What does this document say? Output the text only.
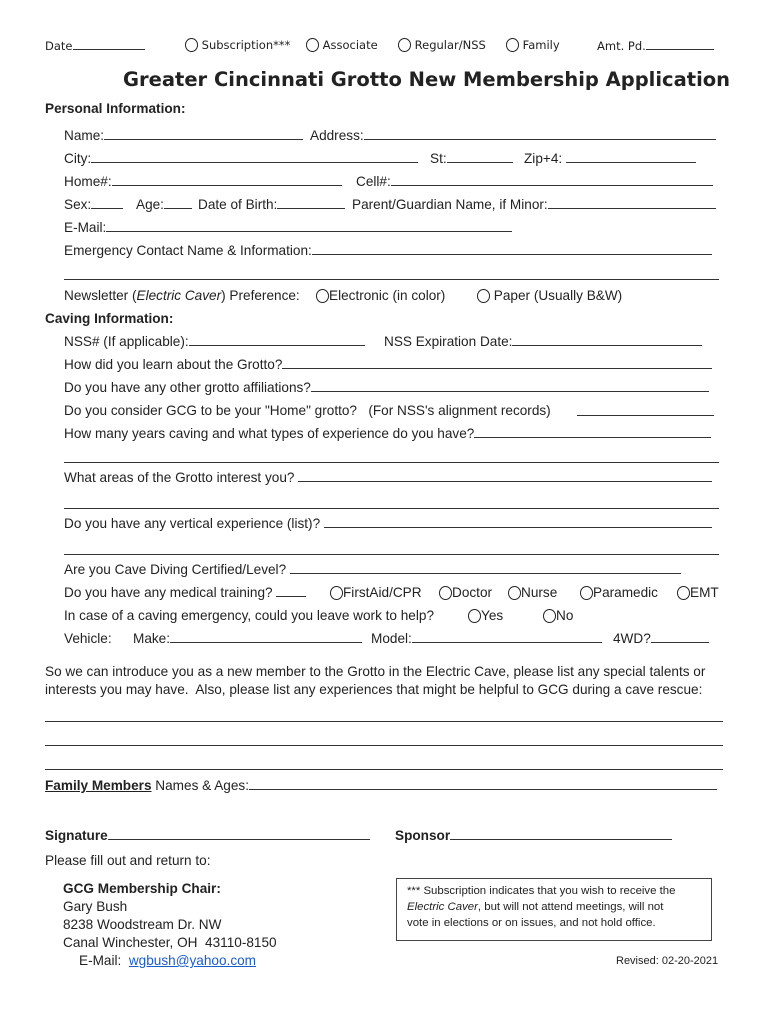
Date	Subscription***	Associate	Regular/NSS	Family	Amt. Pd.
Greater Cincinnati Grotto New Membership Application
Personal Information:
Name:	Address:
City:	St:	Zip+4:
Home#:	Cell#:
Sex:	Age:	Date of Birth:	Parent/Guardian Name, if Minor:
E-Mail:
Emergency Contact Name & Information:
Newsletter (Electric Caver) Preference:	Electronic (in color)	Paper (Usually B&W)
Caving Information:
NSS# (If applicable):	NSS Expiration Date:
How did you learn about the Grotto?
Do you have any other grotto affiliations?
Do you consider GCG to be your "Home" grotto?   (For NSS's alignment records)
How many years caving and what types of experience do you have?
What areas of the Grotto interest you?
Do you have any vertical experience (list)?
Are you Cave Diving Certified/Level?
Do you have any medical training?	FirstAid/CPR	Doctor	Nurse	Paramedic	EMT
In case of a caving emergency, could you leave work to help?	Yes	No
Vehicle: Make:	Model:	4WD?
So we can introduce you as a new member to the Grotto in the Electric Cave, please list any special talents or
interests you may have.  Also, please list any experiences that might be helpful to GCG during a cave rescue:
Family Members Names & Ages:
Signature	Sponsor
Please fill out and return to:
GCG Membership Chair:
Gary Bush
8238 Woodstream Dr. NW
Canal Winchester, OH  43110-8150
E-Mail: wgbush@yahoo.com
*** Subscription indicates that you wish to receive the
Electric Caver, but will not attend meetings, will not
vote in elections or on issues, and not hold office.
Revised: 02-20-2021
